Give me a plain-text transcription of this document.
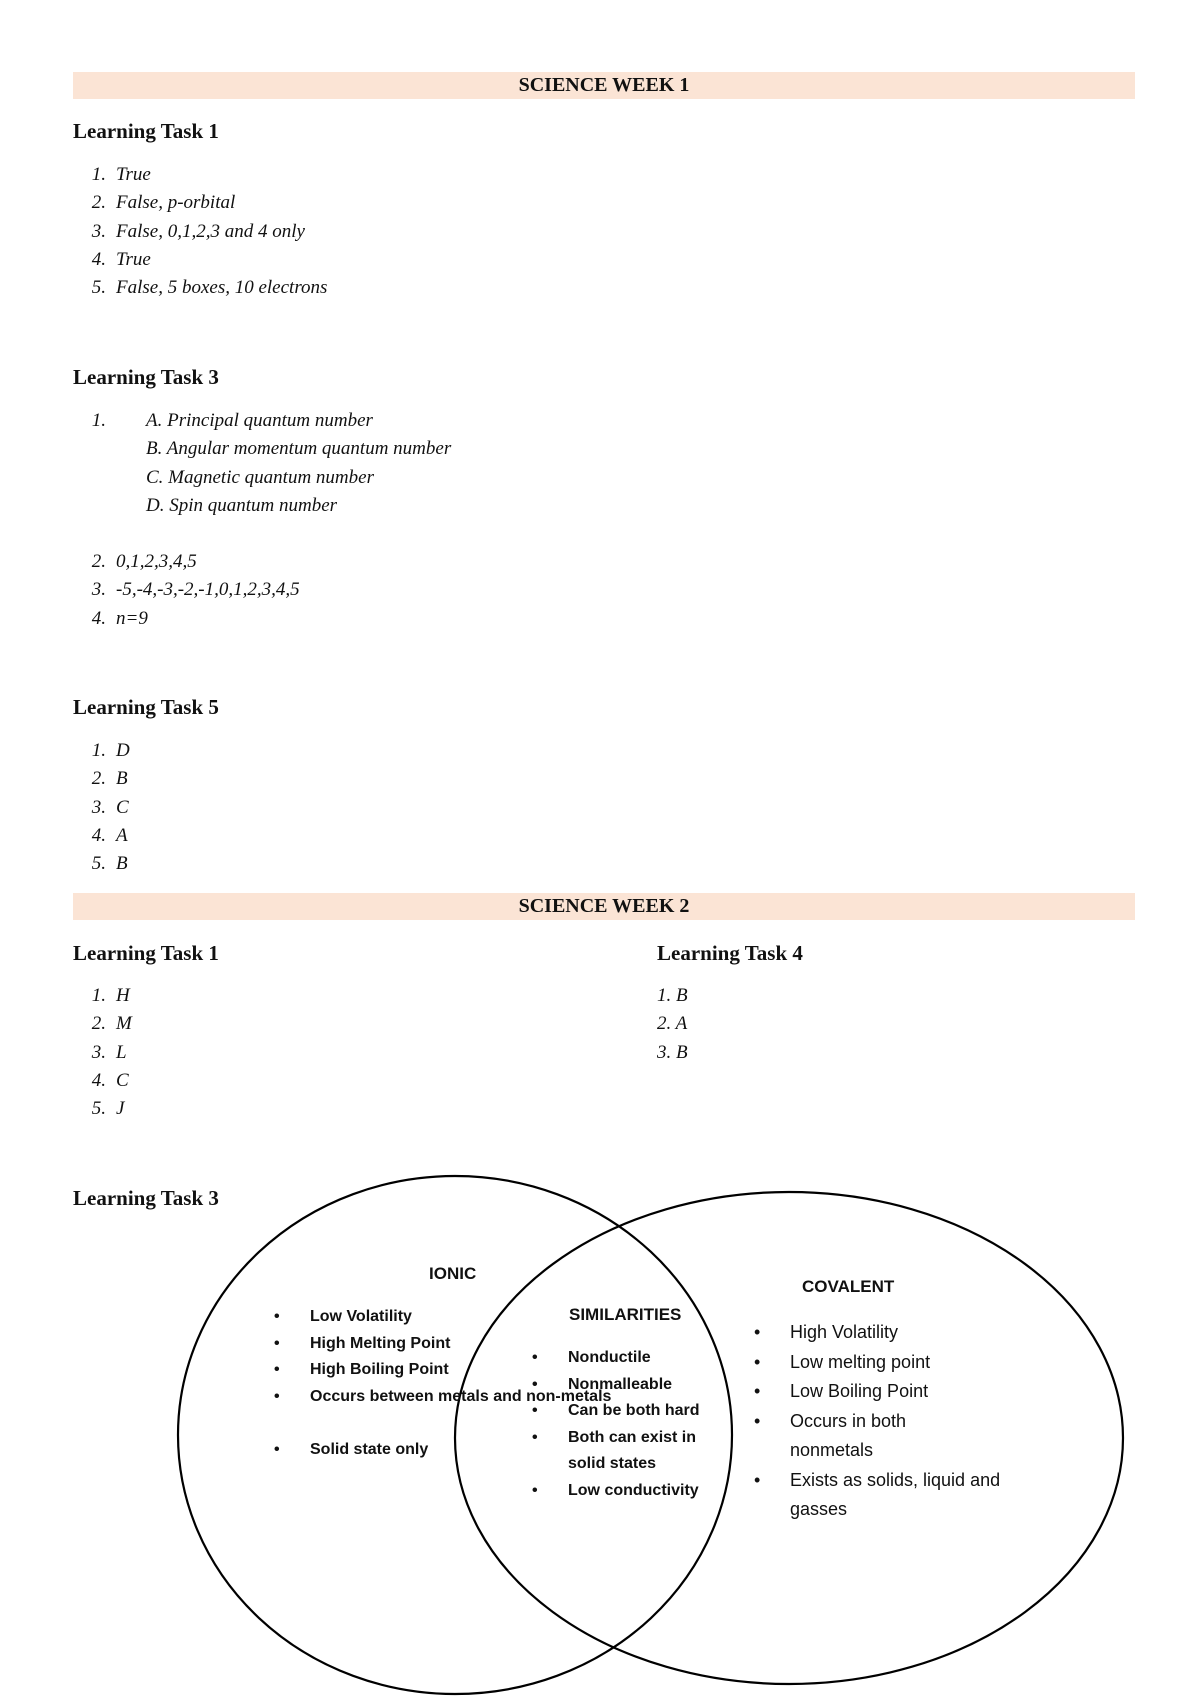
SCIENCE WEEK 1
Learning Task 1
1. True
2. False, p-orbital
3. False, 0,1,2,3 and 4 only
4. True
5. False, 5 boxes, 10 electrons
Learning Task 3
1. A. Principal quantum number
B. Angular momentum quantum number
C. Magnetic quantum number
D. Spin quantum number
2. 0,1,2,3,4,5
3. -5,-4,-3,-2,-1,0,1,2,3,4,5
4. n=9
Learning Task 5
1. D
2. B
3. C
4. A
5. B
SCIENCE WEEK 2
Learning Task 1
1. H
2. M
3. L
4. C
5. J
Learning Task 4
1. B
2. A
3. B
Learning Task 3
IONIC
• Low Volatility
• High Melting Point
• High Boiling Point
• Occurs between metals and non-metals
• Solid state only
SIMILARITIES
• Nonductile
• Nonmalleable
• Can be both hard
• Both can exist in solid states
• Low conductivity
COVALENT
• High Volatility
• Low melting point
• Low Boiling Point
• Occurs in both nonmetals
• Exists as solids, liquid and gasses
